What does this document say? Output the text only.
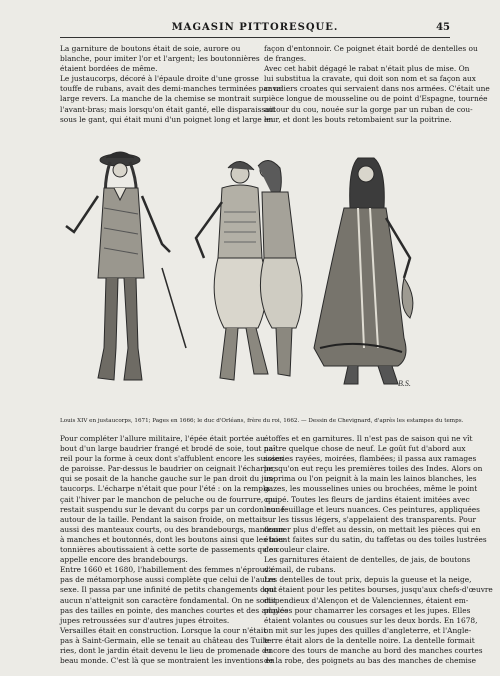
MAGASIN PITTORESQUE.	45

La garniture de boutons était de soie, aurore ou

blanche, pour imiter l'or et l'argent; les boutonnières

étaient bordées de même.

Le justaucorps, décoré à l'épaule droite d'une grosse

touffe de rubans, avait des demi-manches terminées par un

large revers. La manche de la chemise se montrait sur

l'avant-bras; mais lorsqu'on était ganté, elle disparaissait

sous le gant, qui était muni d'un poignet long et large en

façon d'entonnoir. Ce poignet était bordé de dentelles ou

de franges.

Avec cet habit dégagé le rabat n'était plus de mise. On

lui substitua la cravate, qui doit son nom et sa façon aux

cavaliers croates qui servaient dans nos armées. C'était une

pièce longue de mousseline ou de point d'Espagne, tournée

autour du cou, nouée sur la gorge par un ruban de cou-

leur, et dont les bouts retombaient sur la poitrine.

B.S.
Louis XIV en justaucorps, 1671; Pages en 1666; le duc d'Orléans, frère du roi, 1662. — Dessin de Chevignard, d'après les estampes du temps.

Pour compléter l'allure militaire, l'épée était portée au

bout d'un large baudrier frangé et brodé de soie, tout pa-

reil pour la forme à ceux dont s'affublent encore les suisses

de paroisse. Par-dessus le baudrier on ceignait l'écharpe,

qui se posait de la hanche gauche sur le pan droit du jus-

taucorps. L'écharpe n'était que pour l'été : on la rempla-

çait l'hiver par le manchon de peluche ou de fourrure, qui

restait suspendu sur le devant du corps par un cordon noué

autour de la taille. Pendant la saison froide, on mettait

aussi des manteaux courts, ou des brandebourgs, manteaux

à manches et boutonnés, dont les boutons ainsi que les bou-

tonnières aboutissaient à cette sorte de passements qu'on

appelle encore des brandebourgs.

Entre 1660 et 1680, l'habillement des femmes n'éprouva

pas de métamorphose aussi complète que celui de l'autre

sexe. Il passa par une infinité de petits changements dont

aucun n'atteignit son caractère fondamental. On ne sortit

pas des tailles en pointe, des manches courtes et des amples

jupes retroussées sur d'autres jupes étroites.

Versailles était en construction. Lorsque la cour n'était

pas à Saint-Germain, elle se tenait au château des Tuile-

ries, dont le jardin était devenu le lieu de promenade du

beau monde. C'est là que se montraient les inventions en

étoffes et en garnitures. Il n'est pas de saison qui ne vît

naître quelque chose de neuf. Le goût fut d'abord aux

soieries rayées, moirées, flambées; il passa aux ramages

lorsqu'on eut reçu les premières toiles des Indes. Alors on

imprima ou l'on peignit à la main les lainos blanches, les

gazes, les mousselines unies ou brochées, même le point

coupé. Toutes les fleurs de jardins étaient imitées avec

leur feuillage et leurs nuances. Ces peintures, appliquées

sur les tissus légers, s'appelaient des transparents. Pour

donner plus d'effet au dessin, on mettait les pièces qui en

étaient faites sur du satin, du taffetas ou des toiles lustrées

de couleur claire.

Les garnitures étaient de dentelles, de jais, de boutons

d'émail, de rubans.

Les dentelles de tout prix, depuis la gueuse et la neige,

qui étaient pour les petites bourses, jusqu'aux chefs-d'œuvre

dispendieux d'Alençon et de Valenciennes, étaient em-

ployées pour chamarrer les corsages et les jupes. Elles

étaient volantes ou cousues sur les deux bords. En 1678,

on mit sur les jupes des quilles d'angleterre, et l'Angle-

terre était alors de la dentelle noire. La dentelle formait

encore des tours de manche au bord des manches courtes

de la robe, des poignets au bas des manches de chemise
